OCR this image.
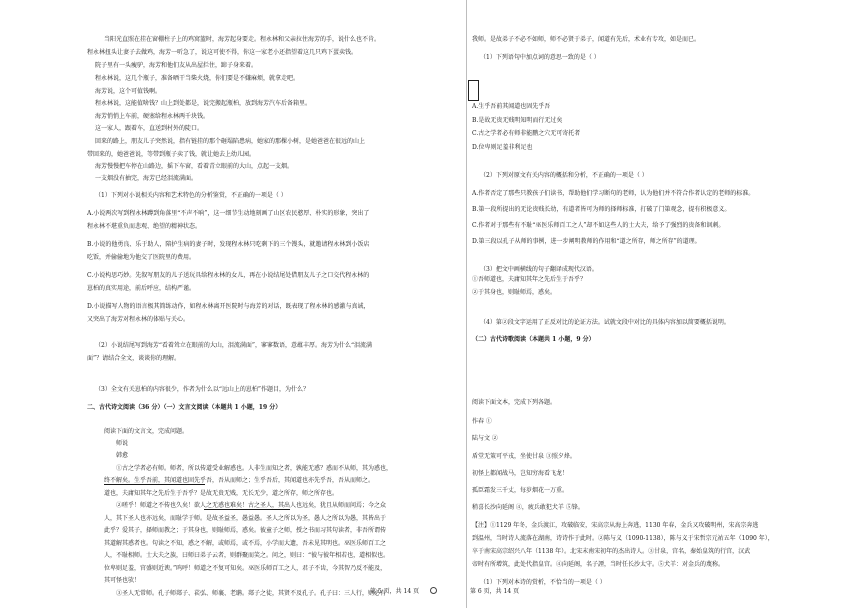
当阳光直照在挂在窗棚柱子上的鸡窝篮时，海芳起身要走。程永林和父亲拉住海芳的手，说什么也不肯。
程永林扭头让妻子去做鸡，海芳一听急了，说这可使不得，你这一家老小还指望着这几只鸡下蛋卖钱。
院子里有一头瘦驴，海芳和他们友从出屋拦住，蹄子身来着。
程永林说，这几个瓶子，准备晒干当柴火烧，你们要是不嫌麻烦，就拿走吧。
海芳说，这个可值钱啊。
程永林说，这能值啥钱？山上到处都是，说完搬起瓶柏，放到海芳汽车后备箱里。
海芳悄悄上车前，硬塞给程永林两千块钱。
这一家人，跟着车，直送到村外的陡口。
回来的路上，朋友儿子突然说，指有链挂的那个砸塌陷患病，她家的那棵小树，是她爸爸在很远的山上
带回来的，她爸爸说，等带到瓶子卖了钱，就让她去上幼儿园。
海芳慢慢把车停在山路边，摇下车窗，看着青立眼前的大山，点起一支烟。
一支烟没有抽完，海芳已经泪流满面。
（1）下列对小说相关内容和艺术特色的分析鉴赏，不正确的一项是（ ）
A.小说两次写到程永林蹲到角落里“不声不响”，这一细节生动地刻画了山区农民憨厚、朴实的形象，突出了
程永林不堪重负而悲观、绝望的精神状态。
B.小说的他勇良、乐于助人，陪护生病的妻子时，发现程永林只吃剩下的三个馒头，就邀请程永林到小饭店
吃饭，并偷偷地为他交了医院里的费用。
C.小说构思巧妙。先叙写朋友的儿子送玩具给程永林的女儿，再在小说结尾处借朋友儿子之口交代程永林的
崽柏的真实用途，前后呼应，结构严谨。
D.小说描写人物的语言极其简练动作，如程永林离开医院时与海芳的对话，既表现了程永林的感激与真诚，
又突出了海芳对程永林的体贴与关心。
（2）小说结尾写到海芳“看着耸立在眼前的大山，泪流满面”，寥寥数语，意蕴丰厚。海芳为什么“泪流满
面”？请结合全文，谈谈你的理解。
（3）全文有关崽柏的内容很少，作者为什么以“远山上的崽柏”作题目，为什么？
二、古代诗文阅读（36 分）（一）文言文阅读（本题共 1 小题，19 分）
阅读下面的文言文，完成问题。
师说
韩愈
①古之学者必有师。师者，所以传道受业解惑也。人非生而知之者，孰能无惑？惑而不从师，其为惑也，
终不解矣。生乎吾前，其闻道也固先乎吾，吾从而师之；生乎吾后，其闻道也亦先乎吾，吾从而师之。
道也，夫庸知其年之先后生于吾乎？是故无贵无贱，无长无少，道之所存，师之所存也。
②嗟乎！师道之不传也久矣！欲人之无惑也难矣！古之圣人，其出人也远矣，犹且从师而问焉；今之众
人，其下圣人也亦远矣，而耻学于师。是故圣益圣，愚益愚。圣人之所以为圣，愚人之所以为愚，其皆出于
此乎？爱其子，择师而教之；于其身也，则耻师焉，惑矣。彼童子之师，授之书而习其句读者，非吾所谓传
其道解其惑者也。句读之不知，惑之不解，或师焉，或不焉，小学而大遗，吾未见其明也。巫医乐师百工之
人，不耻相师。士大夫之族，曰师曰弟子云者，则群聚而笑之。问之，则曰：“彼与彼年相若也，道相似也。
位卑则足羞，官盛则近谀。”呜呼！师道之不复可知矣。巫医乐师百工之人，君子不齿，今其智乃反不能及，
其可怪也欤！
③圣人无常师。孔子师郯子、苌弘、师襄、老聃。郯子之徒，其贤不及孔子。孔子曰：三人行，则必有
我师。是故弟子不必不如师，师不必贤于弟子，闻道有先后，术业有专攻，如是而已。
（1）下列语句中加点词的意思一致的是（ ）
A.生乎吾前其闻道也固先乎吾
B.是故无贵无贱明知明而行无过矣
C.古之学者必有师非能鹏之穴无可寄托者
D.位卑则足羞非利足也
（2）下列对原文有关内容的概括和分析，不正确的一项是（ ）
A.作者否定了那些只教孩子们读书，帮助他们学习断句的老师，认为他们并不符合作者认定的老师的标准。
B.第一段所提出的无论贵贱长幼，有道者皆可为师的择师标准，打破了门第观念，提有积极意义。
C.作者对于那些有不耻“巫医乐师百工之人”却不如这些人的士大夫，给予了强烈的贵备和讽刺。
D.第三段以孔子从师的事例，进一步阐明教师的作用和“道之所存，师之所存”的道理。
（3）把文中画横线的句子翻译成现代汉语。
①吾师道也，夫庸知其年之先后生于吾乎？
②于其身也，则耻师焉，惑矣。
（4）第②段文字运用了正反对比的论证方法。试就文段中对比的具体内容加以简要概括说明。
（二）古代诗歌阅读（本题共 1 小题，9 分）
阅读下面文本，完成下列各题。
作春 ①
陆与文 ②
盾堂无策可平戎，坐使甘泉 ③照夕烽。
初怪上都闻战马，岂知穷海看飞龙！
孤臣霜发三千丈，每岁烟花一万重。
稍喜长沙向延阁 ④，疲兵敢犯犬羊 ⑤锋。
【注】①1129 年冬，金兵渡江，攻破临安，宋高宗从海上奔逃，1130 年春，金兵又攻破明州，宋高宗奔逃
到温州，当时诗人流落在湖南，诗诗作于此时。②陈与义（1090-1138），陈与义于宋哲宗元祐五年（1090 年），
卒于南宋高宗绍兴八年（1138 年）。北宋末南宋初年的杰出诗人。③甘泉，宫名，秦始皇筑的行宫，汉武
帝时有所增筑，此处代指皇宫。④向延阁，名子諲，当时任长沙太守。⑤犬羊：对金兵的蔑称。
（1）下列对本诗的赏析，不恰当的一项是（ ）
第 5 页，共 14 页	第 6 页，共 14 页
